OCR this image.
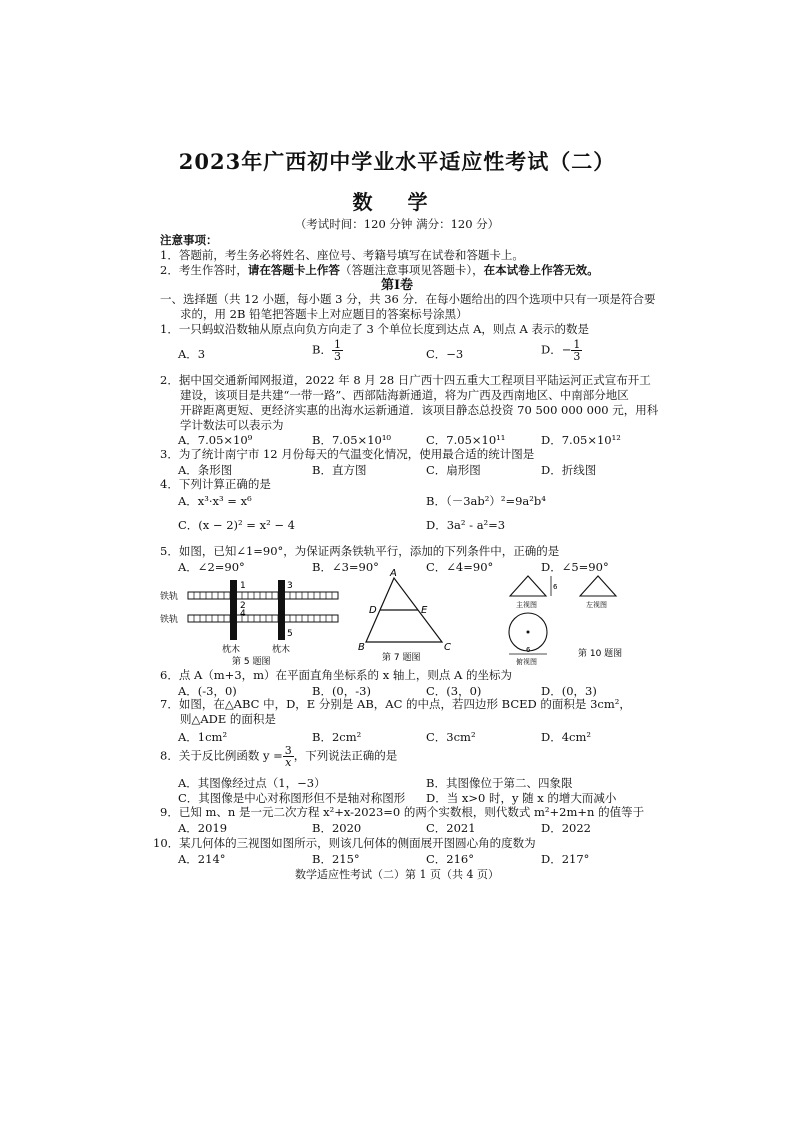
2023年广西初中学业水平适应性考试（二）
数 学
（考试时间：120 分钟 满分：120 分）
注意事项：
1．答题前，考生务必将姓名、座位号、考籍号填写在试卷和答题卡上。
2．考生作答时，请在答题卡上作答（答题注意事项见答题卡），在本试卷上作答无效。
第Ⅰ卷
一、选择题（共 12 小题，每小题 3 分，共 36 分．在每小题给出的四个选项中只有一项是符合要
求的，用 2B 铅笔把答题卡上对应题目的答案标号涂黑）
1．一只蚂蚁沿数轴从原点向负方向走了 3 个单位长度到达点 A，则点 A 表示的数是
A．3	B． $\frac{1}{3}$	C．−3	D．− $\frac{1}{3}$
2．据中国交通新闻网报道，2022 年 8 月 28 日广西十四五重大工程项目平陆运河正式宣布开工
建设，该项目是共建“一带一路”、西部陆海新通道，将为广西及西南地区、中南部分地区
开辟距离更短、更经济实惠的出海水运新通道．该项目静态总投资 70 500 000 000 元，用科
学计数法可以表示为
A．7.05×10⁹	B．7.05×10¹⁰	C．7.05×10¹¹	D．7.05×10¹²
3．为了统计南宁市 12 月份每天的气温变化情况，使用最合适的统计图是
A．条形图	B．直方图	C．扇形图	D．折线图
4．下列计算正确的是
A．x³·x³ = x⁶	B．（－3ab²）²=9a²b⁴
C．(x − 2)² = x² − 4	D．3a² - a²=3
5．如图，已知∠1=90°，为保证两条铁轨平行，添加的下列条件中，正确的是
A．∠2=90°	B．∠3=90°	C．∠4=90°	D．∠5=90°
铁轨
铁轨
1
2
3
4
5
枕木	枕木
第 5 题图
A
B	C
D	E
第 7 题图
6
主视图	左视图
6
俯视图
第 10 题图
6．点 A（m+3，m）在平面直角坐标系的 x 轴上，则点 A 的坐标为
A．(-3，0)	B．(0，-3)	C．(3，0)	D．(0，3)
7．如图，在△ABC 中，D，E 分别是 AB，AC 的中点，若四边形 BCED 的面积是 3cm²，
则△ADE 的面积是
A．1cm²	B．2cm²	C．3cm²	D．4cm²
8．关于反比例函数 $y = \frac{3}{x}$ ，下列说法正确的是
A．其图像经过点（1，−3）	B．其图像位于第二、四象限
C．其图像是中心对称图形但不是轴对称图形 D．当 x>0 时，y 随 x 的增大而减小
9．已知 m、n 是一元二次方程 x²+x-2023=0 的两个实数根，则代数式 m²+2m+n 的值等于
A．2019	B．2020	C．2021	D．2022
10．某几何体的三视图如图所示，则该几何体的侧面展开图圆心角的度数为
A．214°	B．215°	C．216°	D．217°
数学适应性考试（二）第 1 页（共 4 页）
